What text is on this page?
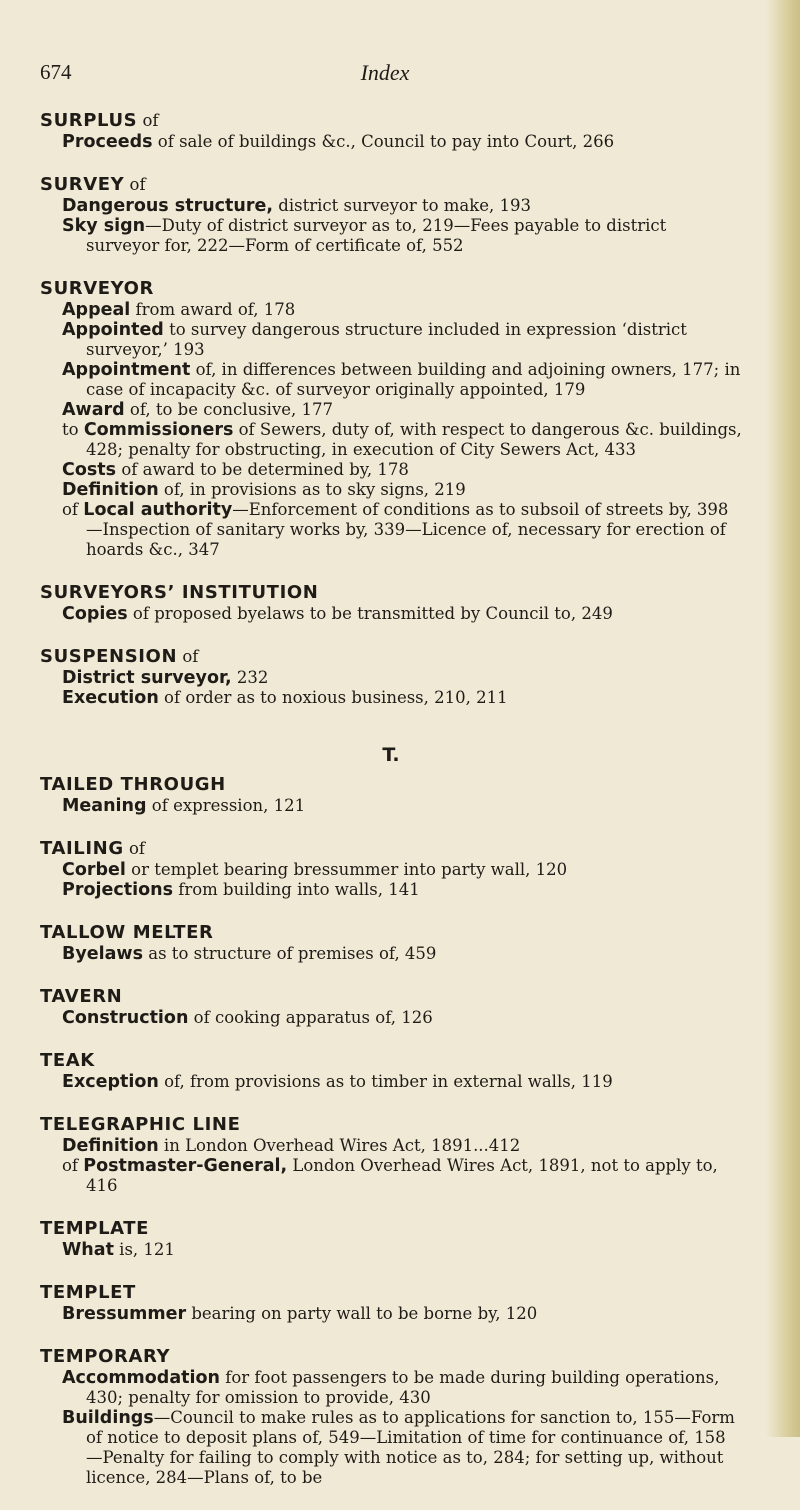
674	Index
SURPLUS of
Proceeds of sale of buildings &c., Council to pay into Court, 266
SURVEY of
Dangerous structure, district surveyor to make, 193
Sky sign—Duty of district surveyor as to, 219—Fees payable to district surveyor for, 222—Form of certificate of, 552
SURVEYOR
Appeal from award of, 178
Appointed to survey dangerous structure included in expression ‘district surveyor,’ 193
Appointment of, in differences between building and adjoining owners, 177; in case of incapacity &c. of surveyor originally appointed, 179
Award of, to be conclusive, 177
to Commissioners of Sewers, duty of, with respect to dangerous &c. buildings, 428; penalty for obstructing, in execution of City Sewers Act, 433
Costs of award to be determined by, 178
Definition of, in provisions as to sky signs, 219
of Local authority—Enforcement of conditions as to subsoil of streets by, 398—Inspection of sanitary works by, 339—Licence of, necessary for erection of hoards &c., 347
SURVEYORS’ INSTITUTION
Copies of proposed byelaws to be transmitted by Council to, 249
SUSPENSION of
District surveyor, 232
Execution of order as to noxious business, 210, 211
T.
TAILED THROUGH
Meaning of expression, 121
TAILING of
Corbel or templet bearing bressummer into party wall, 120
Projections from building into walls, 141
TALLOW MELTER
Byelaws as to structure of premises of, 459
TAVERN
Construction of cooking apparatus of, 126
TEAK
Exception of, from provisions as to timber in external walls, 119
TELEGRAPHIC LINE
Definition in London Overhead Wires Act, 1891...412
of Postmaster-General, London Overhead Wires Act, 1891, not to apply to, 416
TEMPLATE
What is, 121
TEMPLET
Bressummer bearing on party wall to be borne by, 120
TEMPORARY
Accommodation for foot passengers to be made during building operations, 430; penalty for omission to provide, 430
Buildings—Council to make rules as to applications for sanction to, 155—Form of notice to deposit plans of, 549—Limitation of time for continuance of, 158—Penalty for failing to comply with notice as to, 284; for setting up, without licence, 284—Plans of, to be
